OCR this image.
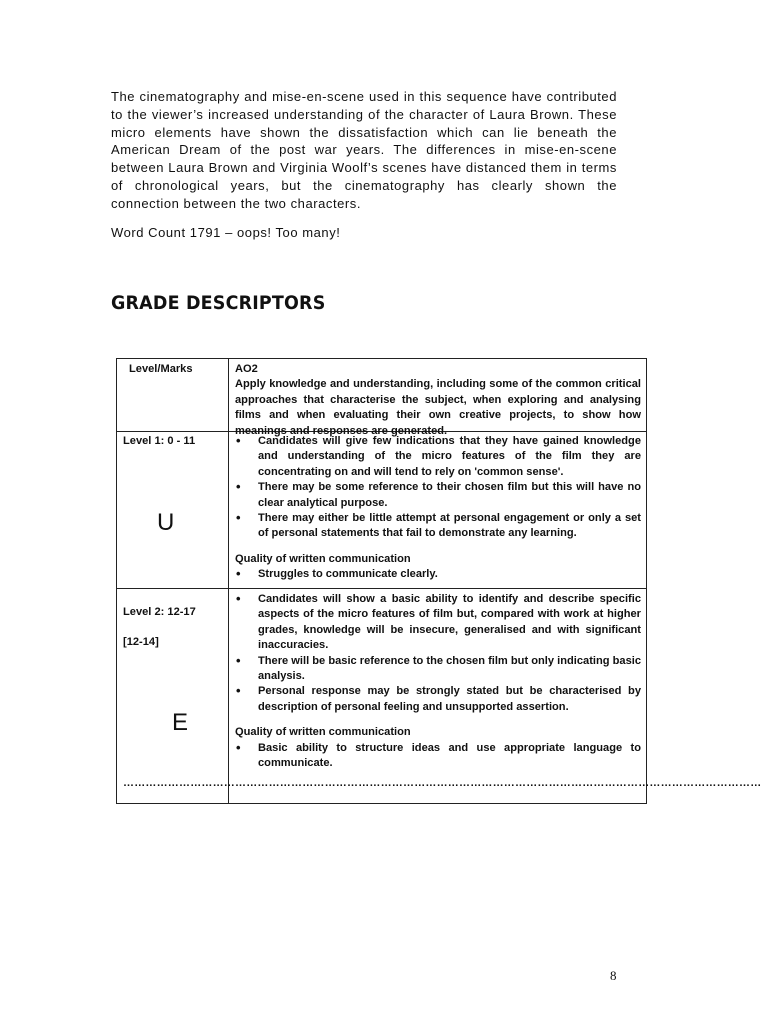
The cinematography and mise-en-scene used in this sequence have contributed to the viewer’s increased understanding of the character of Laura Brown. These micro elements have shown the dissatisfaction which can lie beneath the American Dream of the post war years. The differences in mise-en-scene between Laura Brown and Virginia Woolf’s scenes have distanced them in terms of chronological years, but the cinematography has clearly shown the connection between the two characters.
Word Count 1791 – oops! Too many!
GRADE DESCRIPTORS
Level/Marks	AO2
Apply knowledge and understanding, including some of the common critical approaches that characterise the subject, when exploring and analysing films and when evaluating their own creative projects, to show how meanings and responses are generated.
Level 1: 0 - 11
U
• Candidates will give few indications that they have gained knowledge and understanding of the micro features of the film they are concentrating on and will tend to rely on 'common sense'.
• There may be some reference to their chosen film but this will have no clear analytical purpose.
• There may either be little attempt at personal engagement or only a set of personal statements that fail to demonstrate any learning.
Quality of written communication
• Struggles to communicate clearly.
Level 2: 12-17
[12-14]
E
• Candidates will show a basic ability to identify and describe specific aspects of the micro features of film but, compared with work at higher grades, knowledge will be insecure, generalised and with significant inaccuracies.
• There will be basic reference to the chosen film but only indicating basic analysis.
• Personal response may be strongly stated but be characterised by description of personal feeling and unsupported assertion.
Quality of written communication
• Basic ability to structure ideas and use appropriate language to communicate.
………………………… ……………………………………………………………………………………………………………………………
8
